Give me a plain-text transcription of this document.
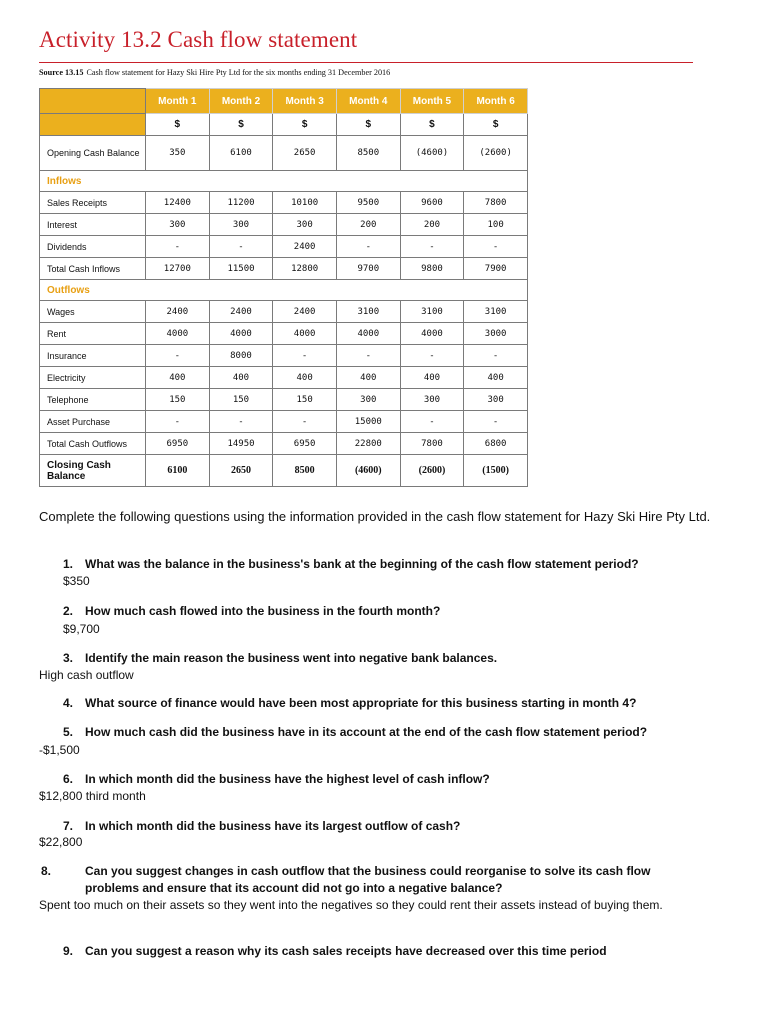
Activity 13.2 Cash flow statement
Source 13.15 Cash flow statement for Hazy Ski Hire Pty Ltd for the six months ending 31 December 2016
	Month 1	Month 2	Month 3	Month 4	Month 5	Month 6
	$	$	$	$	$	$
Opening Cash Balance	350	6100	2650	8500	(4600)	(2600)
Inflows						
Sales Receipts	12400	11200	10100	9500	9600	7800
Interest	300	300	300	200	200	100
Dividends	-	-	2400	-	-	-
Total Cash Inflows	12700	11500	12800	9700	9800	7900
Outflows						
Wages	2400	2400	2400	3100	3100	3100
Rent	4000	4000	4000	4000	4000	3000
Insurance	-	8000	-	-	-	-
Electricity	400	400	400	400	400	400
Telephone	150	150	150	300	300	300
Asset Purchase	-	-	-	15000	-	-
Total Cash Outflows	6950	14950	6950	22800	7800	6800
Closing Cash Balance	6100	2650	8500	(4600)	(2600)	(1500)
Complete the following questions using the information provided in the cash flow statement for Hazy Ski Hire Pty Ltd.
1. What was the balance in the business's bank at the beginning of the cash flow statement period?
$350
2. How much cash flowed into the business in the fourth month?
$9,700
3. Identify the main reason the business went into negative bank balances.
High cash outflow
4. What source of finance would have been most appropriate for this business starting in month 4?
5. How much cash did the business have in its account at the end of the cash flow statement period?
-$1,500
6. In which month did the business have the highest level of cash inflow?
$12,800 third month
7. In which month did the business have its largest outflow of cash?
$22,800
8.	Can you suggest changes in cash outflow that the business could reorganise to solve its cash flow problems and ensure that its account did not go into a negative balance?
Spent too much on their assets so they went into the negatives so they could rent their assets instead of buying them.
9. Can you suggest a reason why its cash sales receipts have decreased over this time period
